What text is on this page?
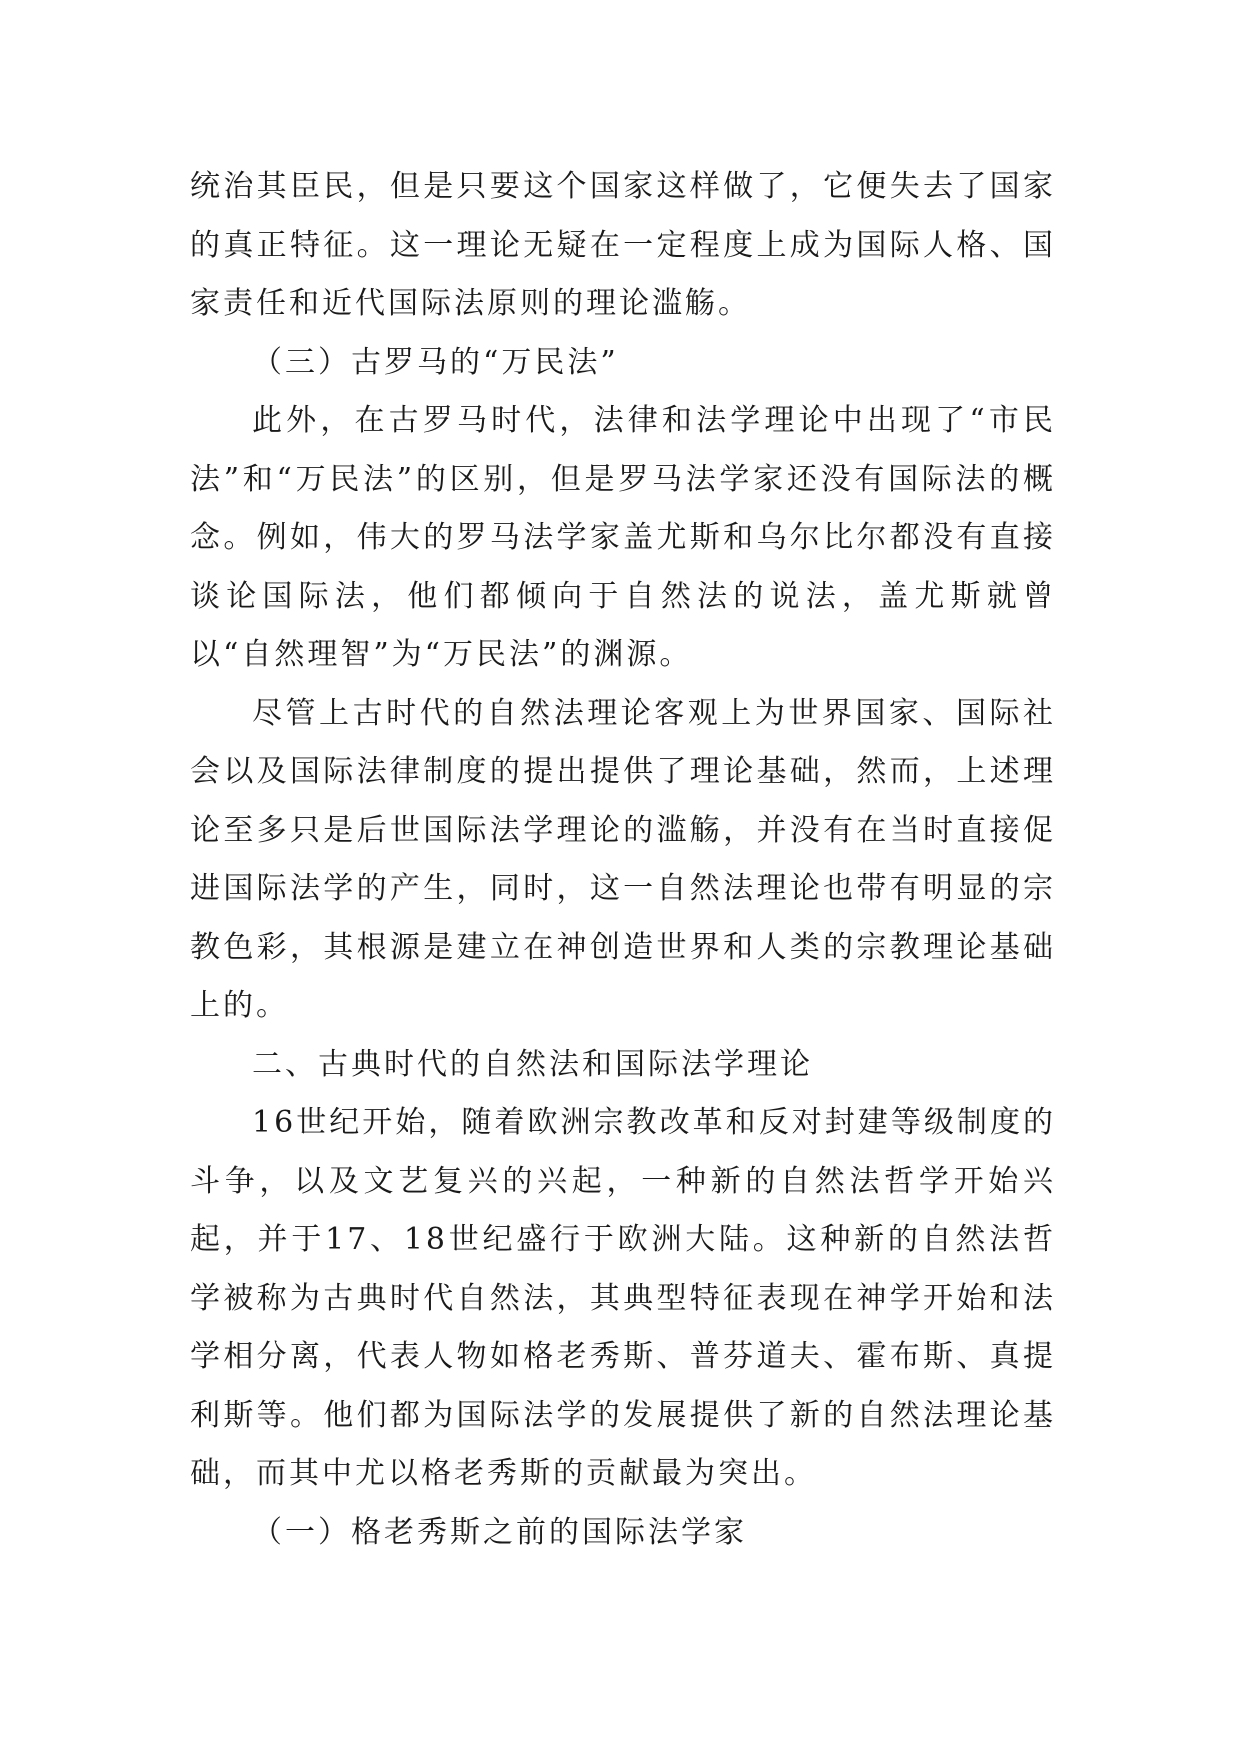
统治其臣民，但是只要这个国家这样做了，它便失去了国家的真正特征。这一理论无疑在一定程度上成为国际人格、国家责任和近代国际法原则的理论滥觞。

（三）古罗马的“万民法”

此外，在古罗马时代，法律和法学理论中出现了“市民法”和“万民法”的区别，但是罗马法学家还没有国际法的概念。例如，伟大的罗马法学家盖尤斯和乌尔比尔都没有直接谈论国际法，他们都倾向于自然法的说法，盖尤斯就曾以“自然理智”为“万民法”的渊源。

尽管上古时代的自然法理论客观上为世界国家、国际社会以及国际法律制度的提出提供了理论基础，然而，上述理论至多只是后世国际法学理论的滥觞，并没有在当时直接促进国际法学的产生，同时，这一自然法理论也带有明显的宗教色彩，其根源是建立在神创造世界和人类的宗教理论基础上的。

二、古典时代的自然法和国际法学理论

16世纪开始，随着欧洲宗教改革和反对封建等级制度的斗争，以及文艺复兴的兴起，一种新的自然法哲学开始兴起，并于17、18世纪盛行于欧洲大陆。这种新的自然法哲学被称为古典时代自然法，其典型特征表现在神学开始和法学相分离，代表人物如格老秀斯、普芬道夫、霍布斯、真提利斯等。他们都为国际法学的发展提供了新的自然法理论基础，而其中尤以格老秀斯的贡献最为突出。

（一）格老秀斯之前的国际法学家
